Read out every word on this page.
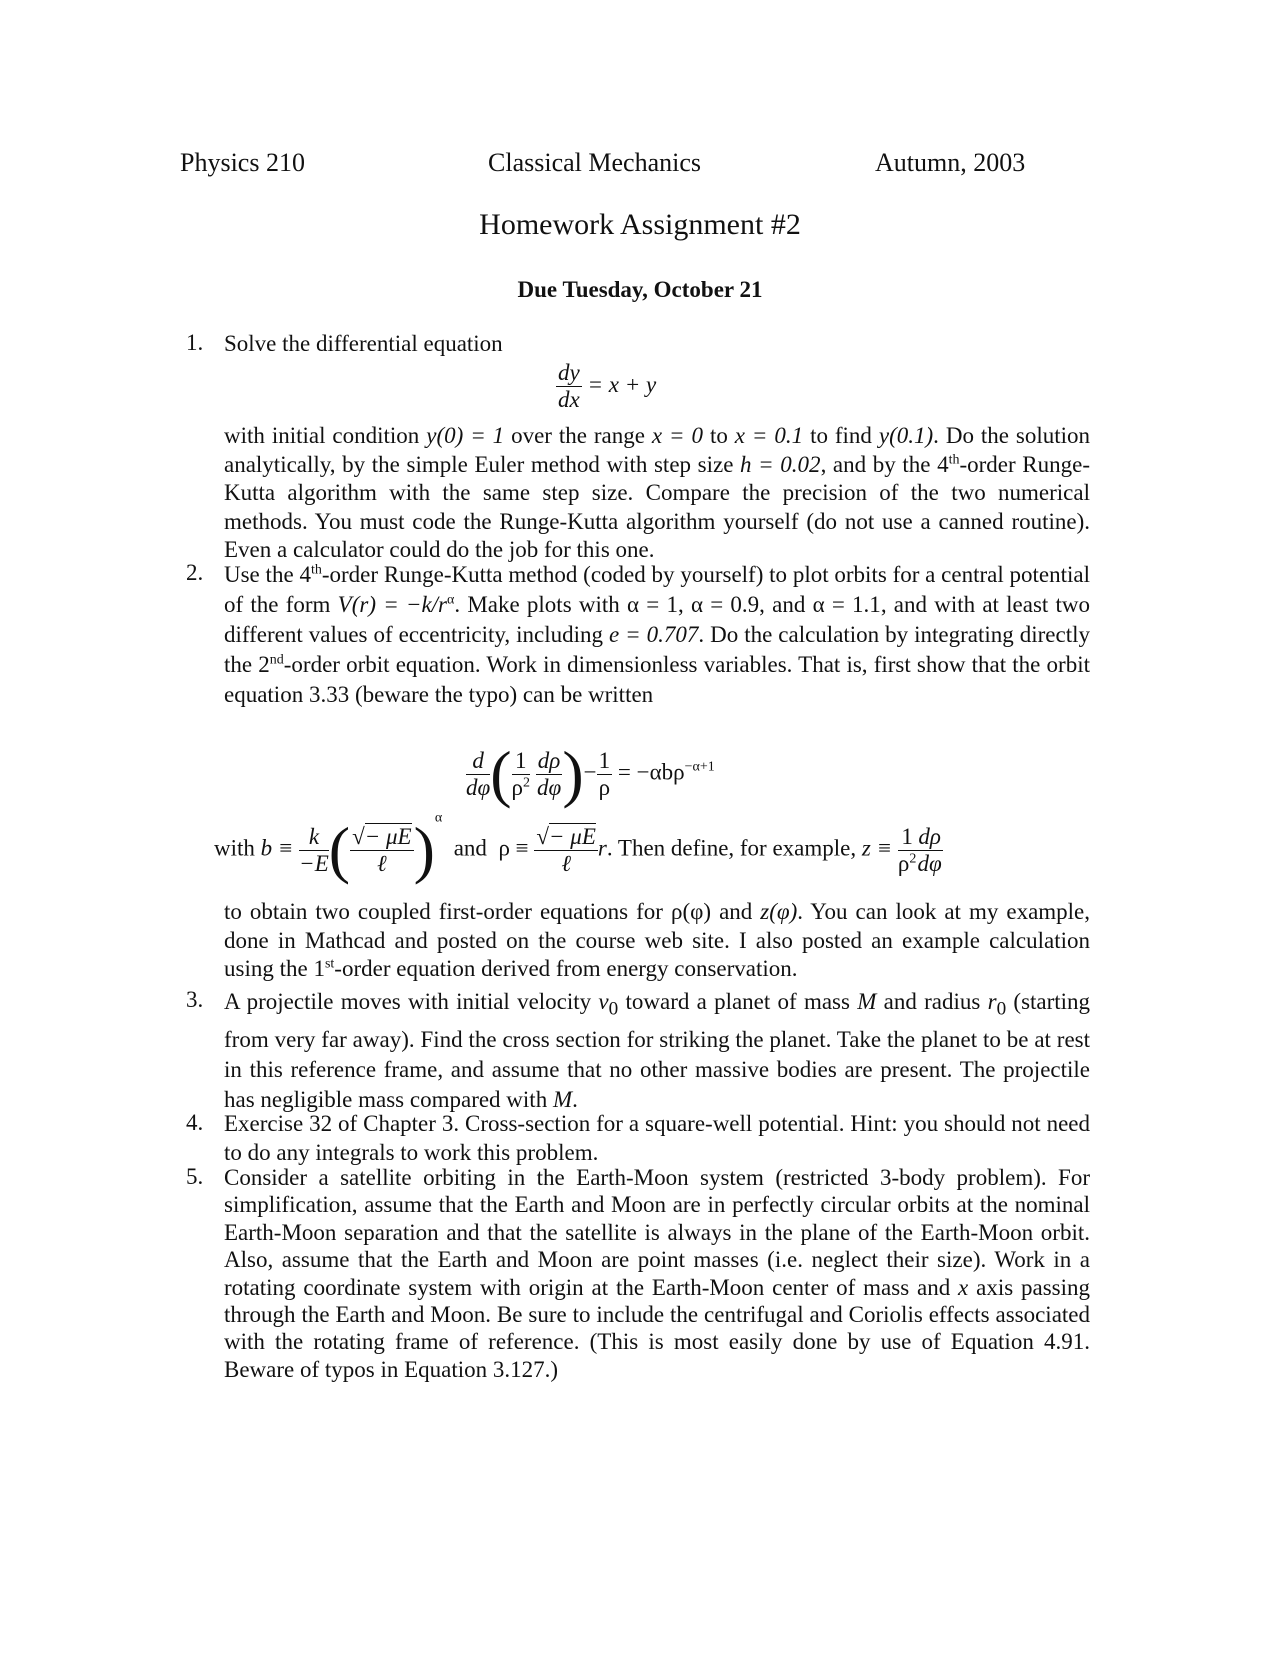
Physics 210	Classical Mechanics	Autumn, 2003
Homework Assignment #2
Due Tuesday, October 21
1. Solve the differential equation
$\frac{dy}{dx} = x + y$
with initial condition y(0) = 1 over the range x = 0 to x = 0.1 to find y(0.1). Do the solution analytically, by the simple Euler method with step size h = 0.02, and by the 4th-order Runge-Kutta algorithm with the same step size. Compare the precision of the two numerical methods. You must code the Runge-Kutta algorithm yourself (do not use a canned routine). Even a calculator could do the job for this one.
2. Use the 4th-order Runge-Kutta method (coded by yourself) to plot orbits for a central potential of the form $V(r) = -k/r^\alpha$. Make plots with α = 1, α = 0.9, and α = 1.1, and with at least two different values of eccentricity, including e = 0.707. Do the calculation by integrating directly the 2nd-order orbit equation. Work in dimensionless variables. That is, first show that the orbit equation 3.33 (beware the typo) can be written
$\frac{d}{d\varphi}$ ( $\frac{1}{\rho^2}$
$\frac{d\rho}{d\varphi}$ )− $\frac{1}{\rho} = -\alpha b\rho^{-\alpha+1}$
with $b \equiv \frac{k}{-E}$ ( $\frac{√- \mu E}{\text{ℓ}} )^\alpha$  and $\rho \equiv \frac{√- \mu E}{\text{ℓ}} r$. Then define, for example, $z \equiv \frac{1}{\rho^2} \frac{d\rho}{d\varphi}$
to obtain two coupled first-order equations for ρ(φ) and z(φ). You can look at my example, done in Mathcad and posted on the course web site. I also posted an example calculation using the 1st-order equation derived from energy conservation.
3. A projectile moves with initial velocity $v_0$ toward a planet of mass M and radius $r_0$ (starting from very far away). Find the cross section for striking the planet. Take the planet to be at rest in this reference frame, and assume that no other massive bodies are present. The projectile has negligible mass compared with M.
4. Exercise 32 of Chapter 3. Cross-section for a square-well potential. Hint: you should not need to do any integrals to work this problem.
5. Consider a satellite orbiting in the Earth-Moon system (restricted 3-body problem). For simplification, assume that the Earth and Moon are in perfectly circular orbits at the nominal Earth-Moon separation and that the satellite is always in the plane of the Earth-Moon orbit. Also, assume that the Earth and Moon are point masses (i.e. neglect their size). Work in a rotating coordinate system with origin at the Earth-Moon center of mass and x axis passing through the Earth and Moon. Be sure to include the centrifugal and Coriolis effects associated with the rotating frame of reference. (This is most easily done by use of Equation 4.91. Beware of typos in Equation 3.127.)
